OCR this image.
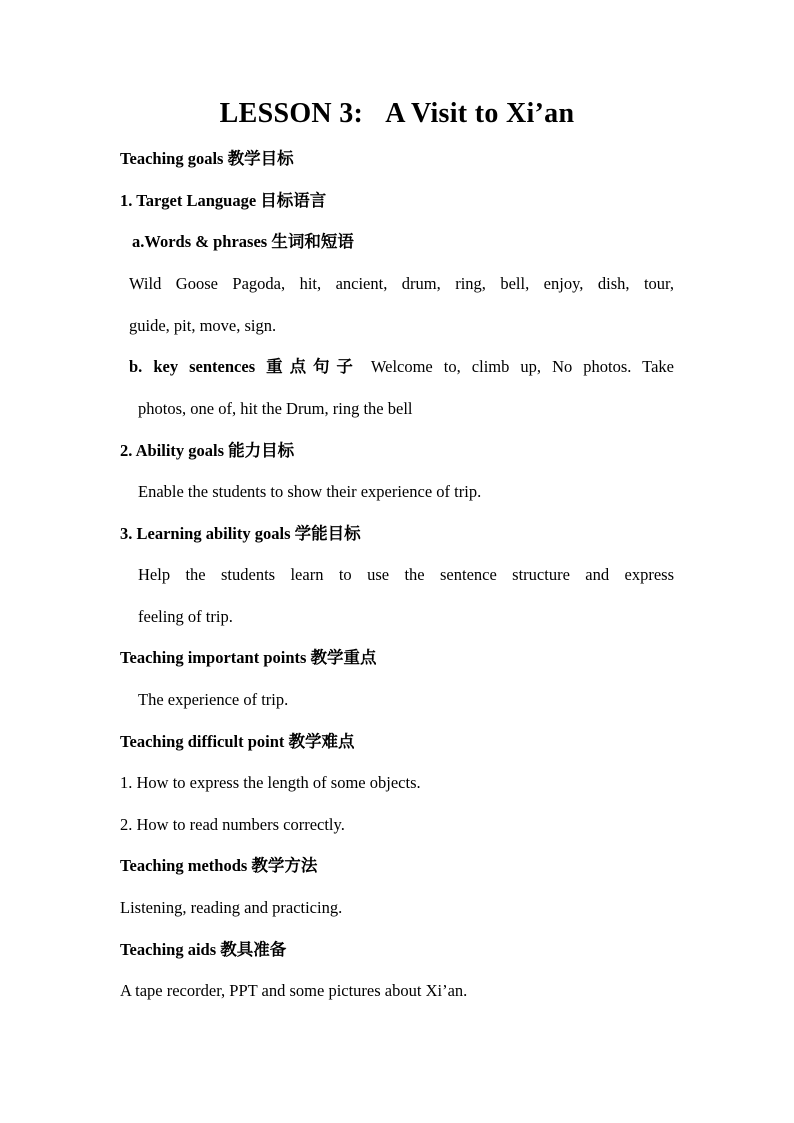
LESSON 3: A Visit to Xi’an
Teaching goals 教学目标
1. Target Language 目标语言
a.Words & phrases 生词和短语
Wild Goose Pagoda, hit, ancient, drum, ring, bell, enjoy, dish, tour,
guide, pit, move, sign.
b. key sentences 重点句子 Welcome to, climb up, No photos. Take
photos, one of, hit the Drum, ring the bell
2. Ability goals 能力目标
Enable the students to show their experience of trip.
3. Learning ability goals 学能目标
Help the students learn to use the sentence structure and express
feeling of trip.
Teaching important points 教学重点
The experience of trip.
Teaching difficult point 教学难点
1. How to express the length of some objects.
2. How to read numbers correctly.
Teaching methods 教学方法
Listening, reading and practicing.
Teaching aids 教具准备
A tape recorder, PPT and some pictures about Xi’an.
